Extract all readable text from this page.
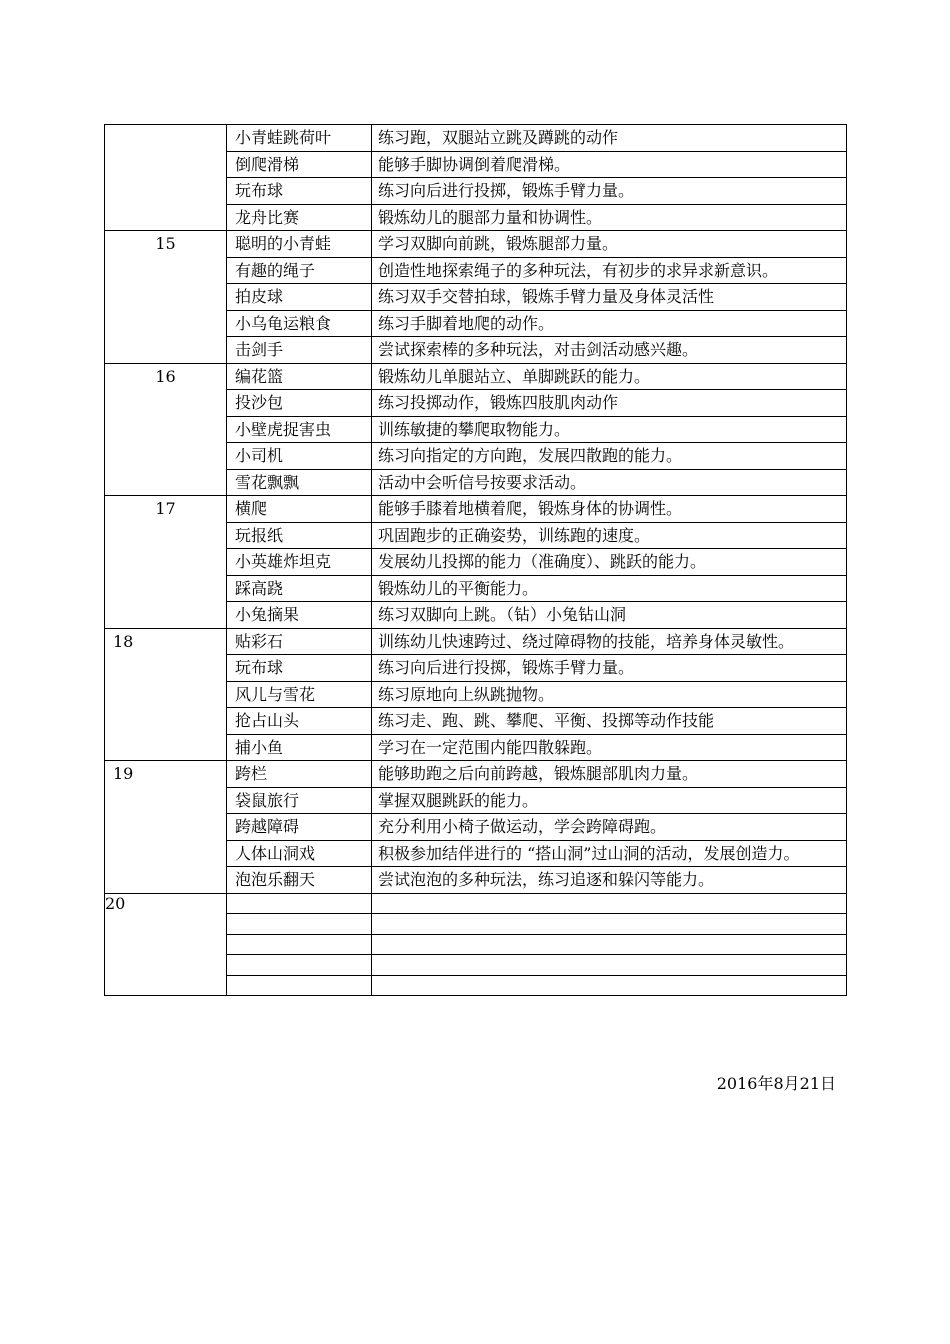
	小青蛙跳荷叶	练习跑，双腿站立跳及蹲跳的动作
	倒爬滑梯	能够手脚协调倒着爬滑梯。
	玩布球	练习向后进行投掷，锻炼手臂力量。
	龙舟比赛	锻炼幼儿的腿部力量和协调性。
15	聪明的小青蛙	学习双脚向前跳，锻炼腿部力量。
	有趣的绳子	创造性地探索绳子的多种玩法，有初步的求异求新意识。
	拍皮球	练习双手交替拍球，锻炼手臂力量及身体灵活性
	小乌龟运粮食	练习手脚着地爬的动作。
	击剑手	尝试探索棒的多种玩法，对击剑活动感兴趣。
16	编花篮	锻炼幼儿单腿站立、单脚跳跃的能力。
	投沙包	练习投掷动作，锻炼四肢肌肉动作
	小壁虎捉害虫	训练敏捷的攀爬取物能力。
	小司机	练习向指定的方向跑，发展四散跑的能力。
	雪花飘飘	活动中会听信号按要求活动。
17	横爬	能够手膝着地横着爬，锻炼身体的协调性。
	玩报纸	巩固跑步的正确姿势，训练跑的速度。
	小英雄炸坦克	发展幼儿投掷的能力（准确度）、跳跃的能力。
	踩高跷	锻炼幼儿的平衡能力。
	小兔摘果	练习双脚向上跳。（钻）小兔钻山洞
18	贴彩石	训练幼儿快速跨过、绕过障碍物的技能，培养身体灵敏性。
	玩布球	练习向后进行投掷，锻炼手臂力量。
	风儿与雪花	练习原地向上纵跳抛物。
	抢占山头	练习走、跑、跳、攀爬、平衡、投掷等动作技能
	捕小鱼	学习在一定范围内能四散躲跑。
19	跨栏	能够助跑之后向前跨越，锻炼腿部肌肉力量。
	袋鼠旅行	掌握双腿跳跃的能力。
	跨越障碍	充分利用小椅子做运动，学会跨障碍跑。
	人体山洞戏	积极参加结伴进行的 “搭山洞”过山洞的活动，发展创造力。
	泡泡乐翻天	尝试泡泡的多种玩法，练习追逐和躲闪等能力。
20		

2016年8月21日
